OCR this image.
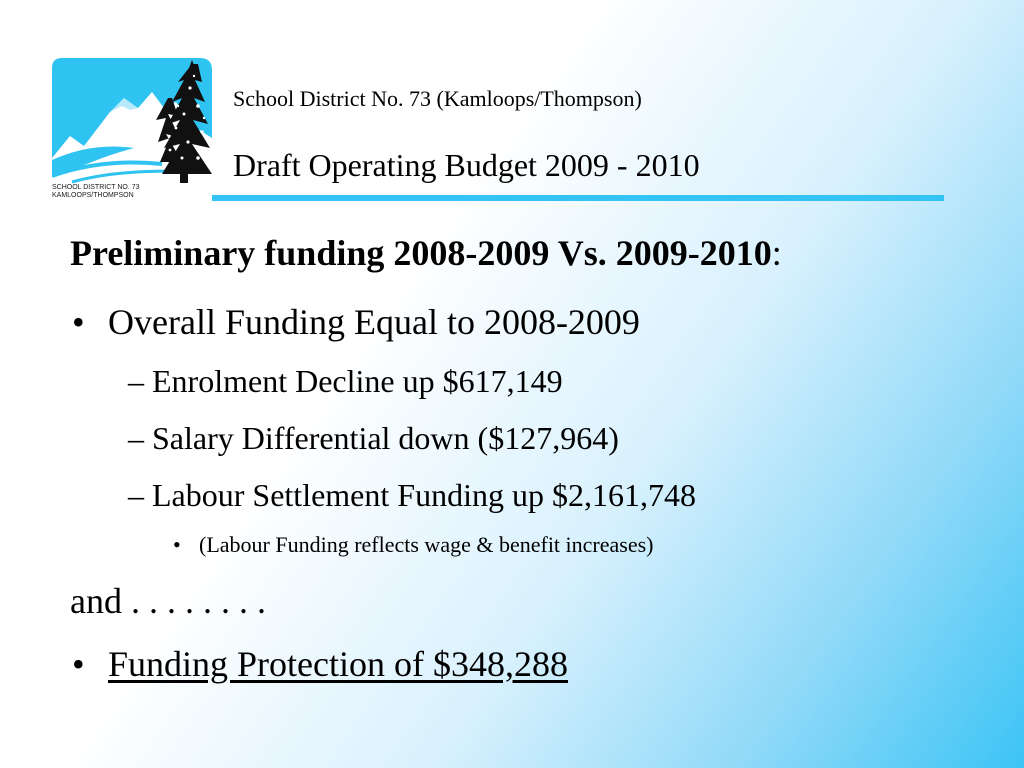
SCHOOL DISTRICT NO. 73
KAMLOOPS/THOMPSON
School District No. 73 (Kamloops/Thompson)
Draft Operating Budget 2009 - 2010
Preliminary funding 2008-2009 Vs. 2009-2010:
• Overall Funding Equal to 2008-2009
– Enrolment Decline up $617,149
– Salary Differential down ($127,964)
– Labour Settlement Funding up $2,161,748
• (Labour Funding reflects wage & benefit increases)
and . . . . . . . .
• Funding Protection of $348,288
